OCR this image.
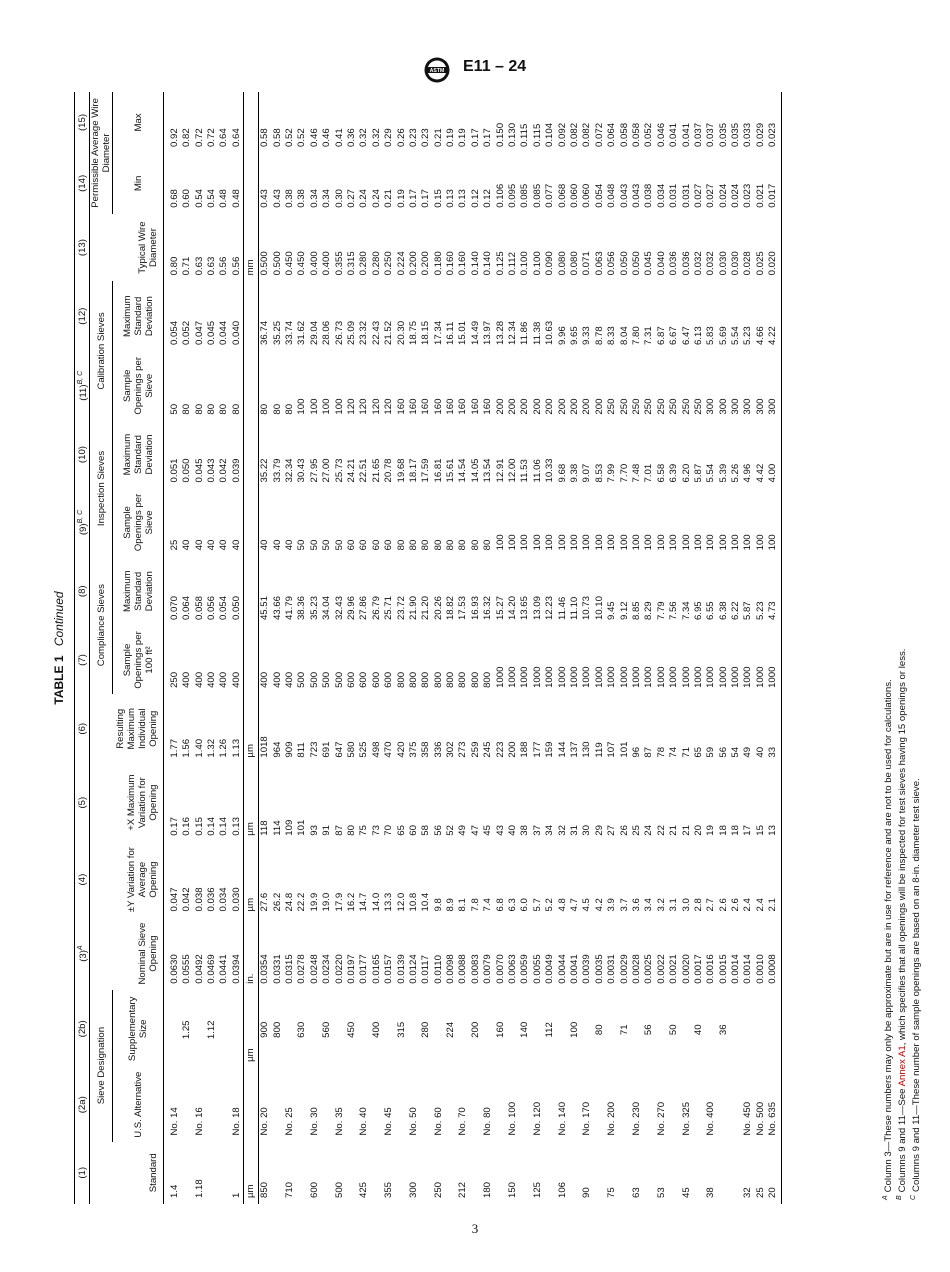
ASTM E11 – 24
TABLE 1 Continued
(1)	(2a)	(2b)	$(3)^A$	(4)	(5)	(6)	(7)	(8)	$(9)^{B, C}$	(10)	$(11)^{B, C}$	(12)	(13)	(14)	(15)
Standard	Sieve Designation		Nominal Sieve Opening	±Y Variation for Average Opening	+X Maximum Variation for Opening	Resulting Maximum Individual Opening	Compliance Sieves		Inspection Sieves		Calibration Sieves		Typical Wire Diameter	Permissible Average Wire Diameter	
	U.S. Alternative	Supplementary Size					Sample Openings per 100 ft²	Maximum Standard Deviation	Sample Openings per Sieve	Maximum Standard Deviation	Sample Openings per Sieve	Maximum Standard Deviation		Min	Max
1.4	No. 14		0.0630	0.047	0.17	1.77	250	0.070	25	0.051	50	0.054	0.80	0.68	0.92
		1.25	0.0555	0.042	0.16	1.56	400	0.064	40	0.050	80	0.052	0.71	0.60	0.82
1.18	No. 16		0.0492	0.038	0.15	1.40	400	0.058	40	0.045	80	0.047	0.63	0.54	0.72
		1.12	0.0469	0.036	0.14	1.32	400	0.056	40	0.043	80	0.045	0.63	0.54	0.72
			0.0441	0.034	0.14	1.26	400	0.054	40	0.042	80	0.044	0.56	0.48	0.64
1	No. 18		0.0394	0.030	0.13	1.13	400	0.050	40	0.039	80	0.040	0.56	0.48	0.64
µm		µm	in.	µm	µm	µm							mm		
850	No. 20	900	0.0354	27.6	118	1018	400	45.51	40	35.22	80	36.74	0.500	0.43	0.58
		800	0.0331	26.2	114	964	400	43.66	40	33.79	80	35.25	0.500	0.43	0.58
710	No. 25		0.0315	24.8	109	909	400	41.79	40	32.34	80	33.74	0.450	0.38	0.52
		630	0.0278	22.2	101	811	500	38.36	50	30.43	100	31.62	0.450	0.38	0.52
600	No. 30		0.0248	19.9	93	723	500	35.23	50	27.95	100	29.04	0.400	0.34	0.46
		560	0.0234	19.0	91	691	500	34.04	50	27.00	100	28.06	0.400	0.34	0.46
500	No. 35		0.0220	17.9	87	647	500	32.43	50	25.73	100	26.73	0.355	0.30	0.41
		450	0.0197	16.2	80	580	600	29.96	60	24.21	120	25.09	0.315	0.27	0.36
425	No. 40		0.0177	14.7	75	525	600	27.86	60	22.51	120	23.32	0.280	0.24	0.32
		400	0.0165	14.0	73	498	600	26.79	60	21.65	120	22.43	0.280	0.24	0.32
355	No. 45		0.0157	13.3	70	470	600	25.71	60	20.78	120	21.52	0.250	0.21	0.29
		315	0.0139	12.0	65	420	800	23.72	80	19.68	160	20.30	0.224	0.19	0.26
300	No. 50		0.0124	10.8	60	375	800	21.90	80	18.17	160	18.75	0.200	0.17	0.23
		280	0.0117	10.4	58	358	800	21.20	80	17.59	160	18.15	0.200	0.17	0.23
250	No. 60		0.0110	9.8	56	336	800	20.26	80	16.81	160	17.34	0.180	0.15	0.21
		224	0.0098	8.9	52	302	800	18.82	80	15.61	160	16.11	0.160	0.13	0.19
212	No. 70		0.0088	8.1	49	273	800	17.53	80	14.54	160	15.01	0.160	0.13	0.19
		200	0.0083	7.8	47	259	800	16.93	80	14.05	160	14.49	0.140	0.12	0.17
180	No. 80		0.0079	7.4	45	245	800	16.32	80	13.54	160	13.97	0.140	0.12	0.17
		160	0.0070	6.8	43	223	1000	15.27	100	12.91	200	13.28	0.125	0.106	0.150
150	No. 100		0.0063	6.3	40	200	1000	14.20	100	12.00	200	12.34	0.112	0.095	0.130
		140	0.0059	6.0	38	188	1000	13.65	100	11.53	200	11.86	0.100	0.085	0.115
125	No. 120		0.0055	5.7	37	177	1000	13.09	100	11.06	200	11.38	0.100	0.085	0.115
		112	0.0049	5.2	34	159	1000	12.23	100	10.33	200	10.63	0.090	0.077	0.104
106	No. 140		0.0044	4.8	32	144	1000	11.46	100	9.68	200	9.96	0.080	0.068	0.092
		100	0.0041	4.7	31	137	1000	11.10	100	9.38	200	9.65	0.080	0.060	0.082
90	No. 170		0.0039	4.5	30	130	1000	10.73	100	9.07	200	9.33	0.071	0.060	0.082
		80	0.0035	4.2	29	119	1000	10.10	100	8.53	200	8.78	0.063	0.054	0.072
75	No. 200		0.0031	3.9	27	107	1000	9.45	100	7.99	250	8.33	0.056	0.048	0.064
		71	0.0029	3.7	26	101	1000	9.12	100	7.70	250	8.04	0.050	0.043	0.058
63	No. 230		0.0028	3.6	25	96	1000	8.85	100	7.48	250	7.80	0.050	0.043	0.058
		56	0.0025	3.4	24	87	1000	8.29	100	7.01	250	7.31	0.045	0.038	0.052
53	No. 270		0.0022	3.2	22	78	1000	7.79	100	6.58	250	6.87	0.040	0.034	0.046
		50	0.0021	3.1	21	74	1000	7.56	100	6.39	250	6.67	0.036	0.031	0.041
45	No. 325		0.0020	3.0	21	71	1000	7.34	100	6.20	250	6.47	0.036	0.031	0.041
		40	0.0017	2.8	20	65	1000	6.95	100	5.87	250	6.13	0.032	0.027	0.037
38	No. 400		0.0016	2.7	19	59	1000	6.55	100	5.54	300	5.83	0.032	0.027	0.037
		36	0.0015	2.6	18	56	1000	6.38	100	5.39	300	5.69	0.030	0.024	0.035
			0.0014	2.6	18	54	1000	6.22	100	5.26	300	5.54	0.030	0.024	0.035
32	No. 450		0.0014	2.4	17	49	1000	5.87	100	4.96	300	5.23	0.028	0.023	0.033
25	No. 500		0.0010	2.4	15	40	1000	5.23	100	4.42	300	4.66	0.025	0.021	0.029
20	No. 635		0.0008	2.1	13	33	1000	4.73	100	4.00	300	4.22	0.020	0.017	0.023

$^A$Column 3—These numbers may only be approximate but are in use for reference and are not to be used for calculations.

$^B$Columns 9 and 11—See Annex A1, which specifies that all openings will be inspected for test sieves having 15 openings or less.

$^C$Columns 9 and 11—These number of sample openings are based on an 8-in. diameter test sieve.

3
